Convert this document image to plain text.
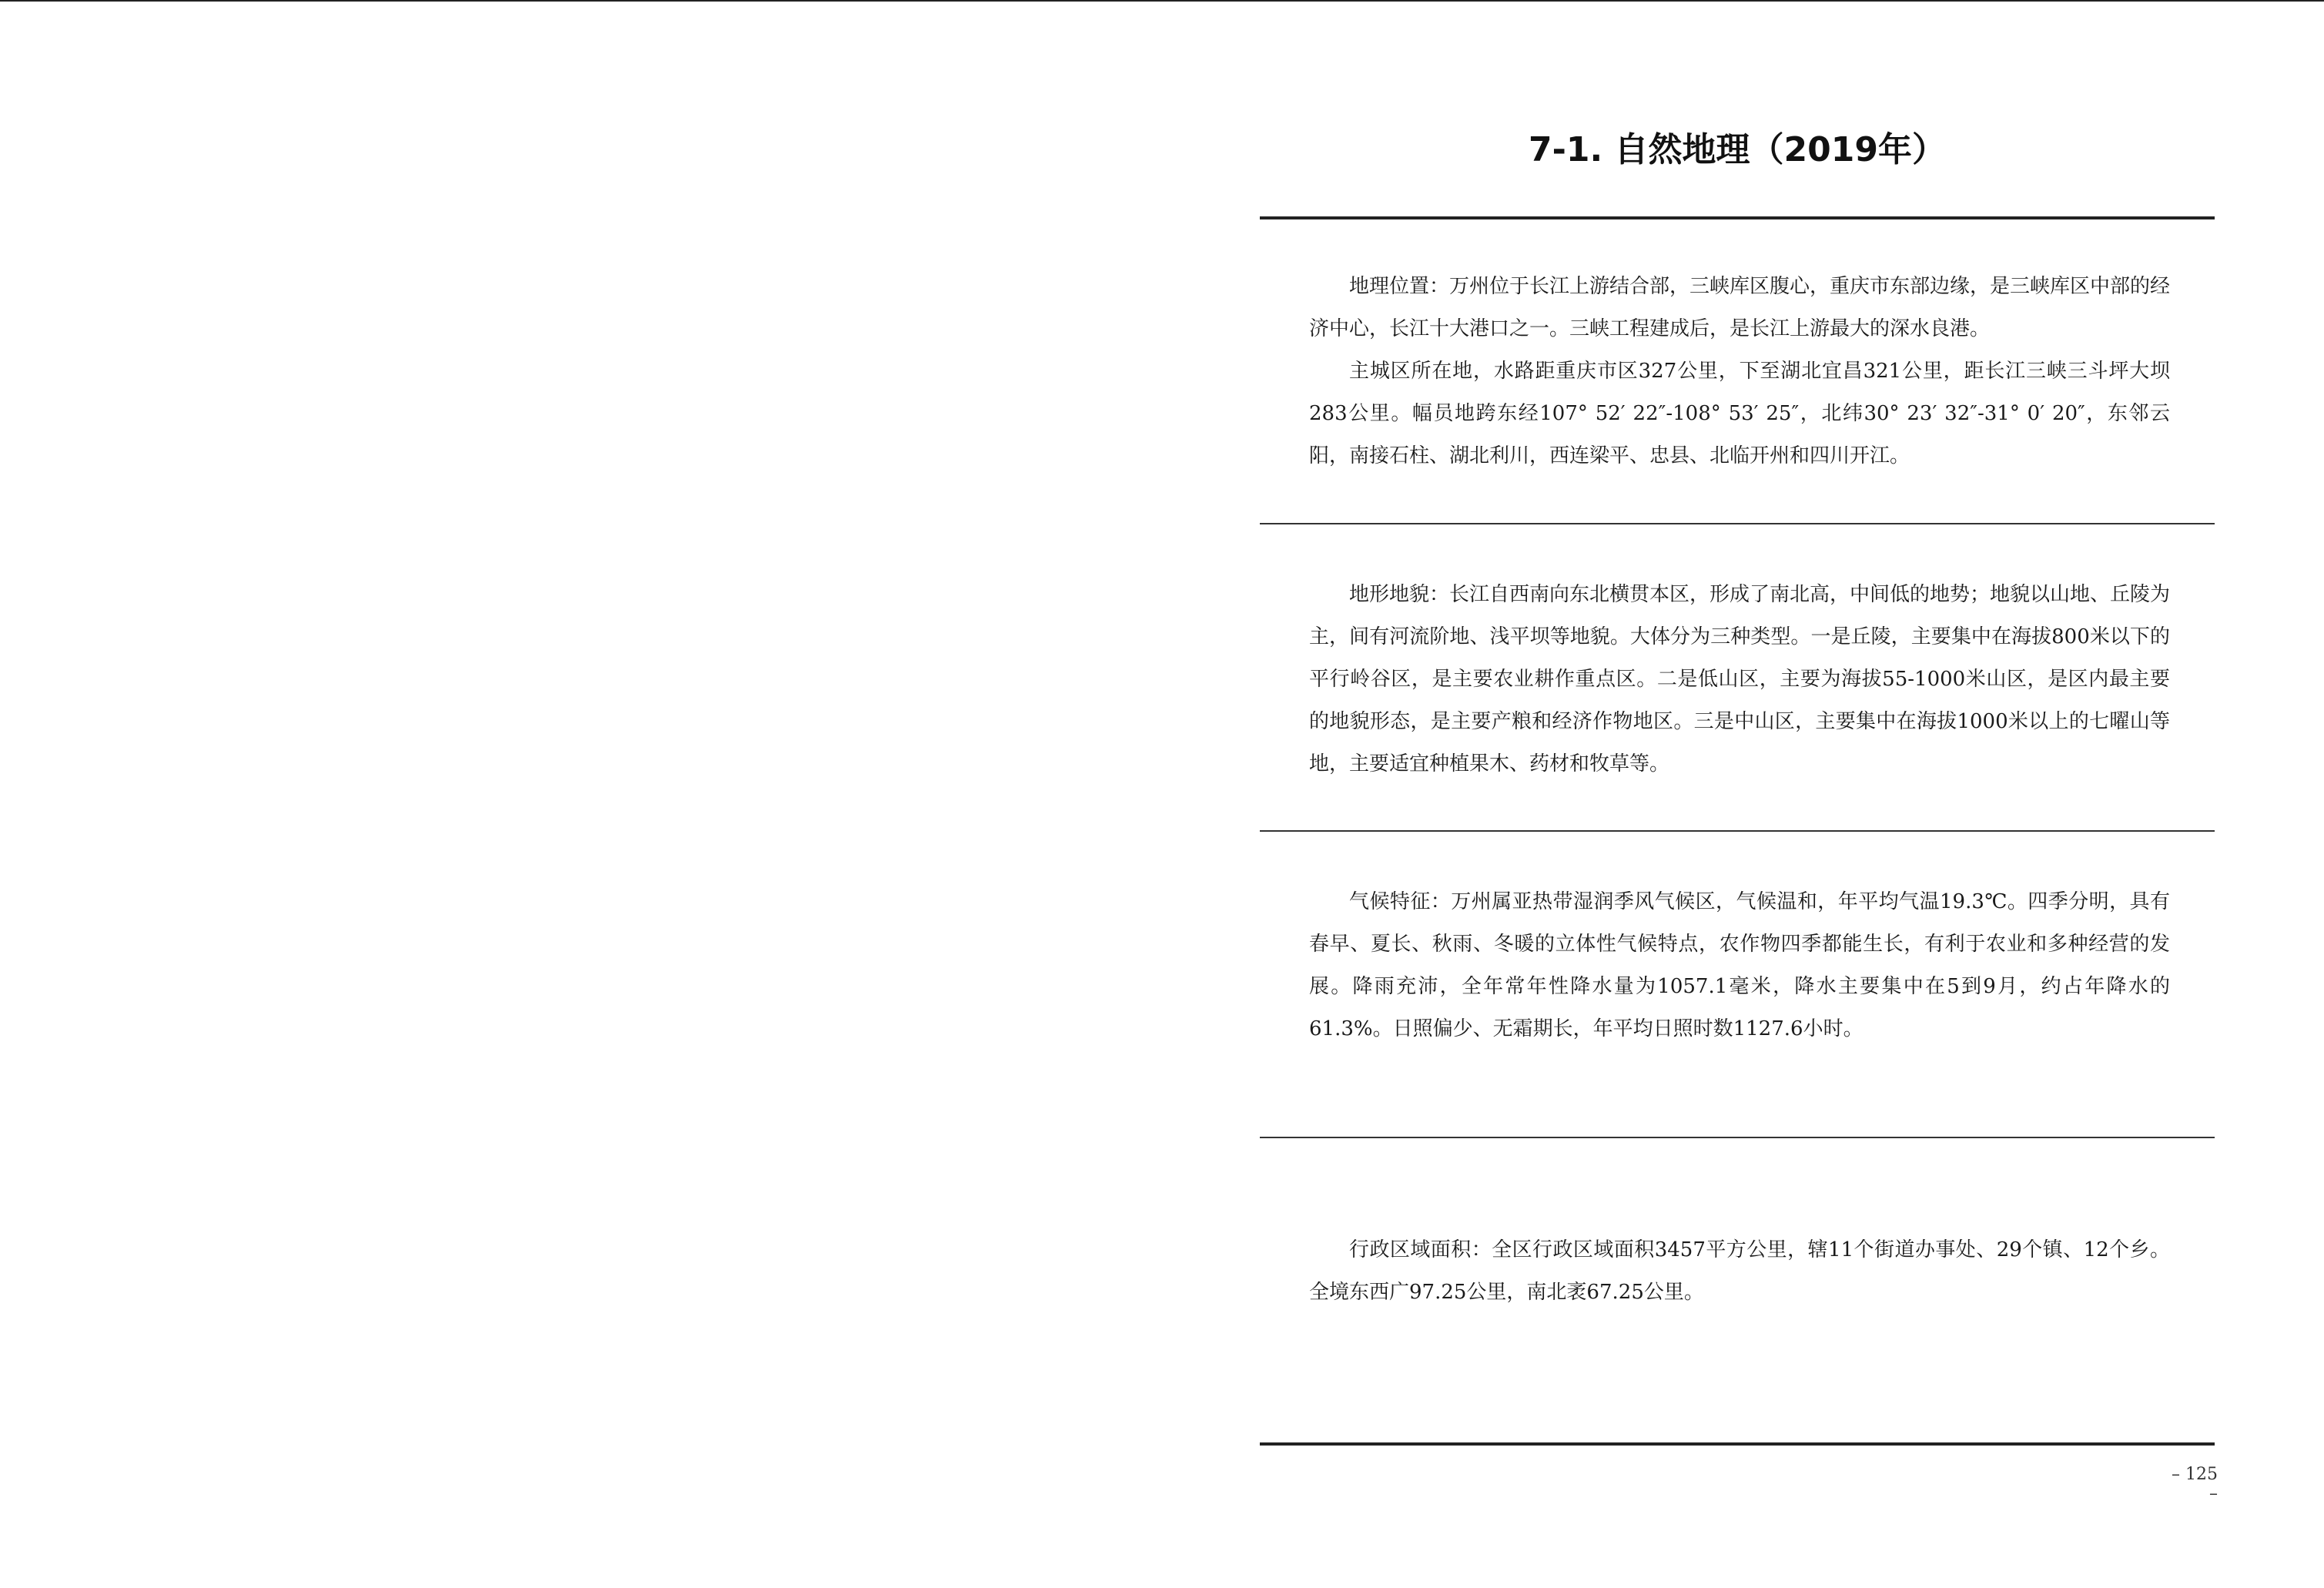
7-1. 自然地理（2019年）

地理位置：万州位于长江上游结合部，三峡库区腹心，重庆市东部边缘，是三峡库区中部的经济中心，长江十大港口之一。三峡工程建成后，是长江上游最大的深水良港。

主城区所在地，水路距重庆市区327公里，下至湖北宜昌321公里，距长江三峡三斗坪大坝283公里。幅员地跨东经107° 52′ 22″-108° 53′ 25″，北纬30° 23′ 32″-31° 0′ 20″，东邻云阳，南接石柱、湖北利川，西连梁平、忠县、北临开州和四川开江。

地形地貌：长江自西南向东北横贯本区，形成了南北高，中间低的地势；地貌以山地、丘陵为主，间有河流阶地、浅平坝等地貌。大体分为三种类型。一是丘陵，主要集中在海拔800米以下的平行岭谷区，是主要农业耕作重点区。二是低山区，主要为海拔55-1000米山区，是区内最主要的地貌形态，是主要产粮和经济作物地区。三是中山区，主要集中在海拔1000米以上的七曜山等地，主要适宜种植果木、药材和牧草等。

气候特征：万州属亚热带湿润季风气候区，气候温和，年平均气温19.3℃。四季分明，具有春早、夏长、秋雨、冬暖的立体性气候特点，农作物四季都能生长，有利于农业和多种经营的发展。降雨充沛，全年常年性降水量为1057.1毫米，降水主要集中在5到9月，约占年降水的61.3%。日照偏少、无霜期长，年平均日照时数1127.6小时。

行政区域面积：全区行政区域面积3457平方公里，辖11个街道办事处、29个镇、12个乡。全境东西广97.25公里，南北袤67.25公里。

– 125 –
